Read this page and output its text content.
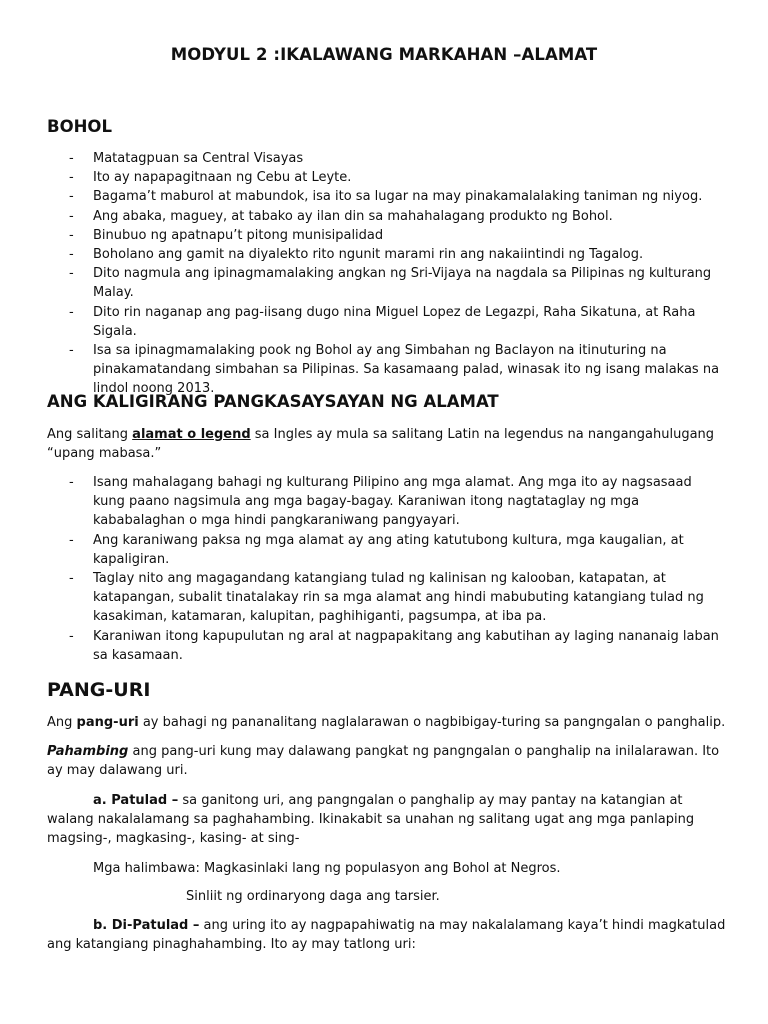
MODYUL 2 :IKALAWANG MARKAHAN –ALAMAT
BOHOL
- Matatagpuan sa Central Visayas
- Ito ay napapagitnaan ng Cebu at Leyte.
- Bagama’t maburol at mabundok, isa ito sa lugar na may pinakamalalaking taniman ng niyog.
- Ang abaka, maguey, at tabako ay ilan din sa mahahalagang produkto ng Bohol.
- Binubuo ng apatnapu’t pitong munisipalidad
- Boholano ang gamit na diyalekto rito ngunit marami rin ang nakaiintindi ng Tagalog.
- Dito nagmula ang ipinagmamalaking angkan ng Sri-Vijaya na nagdala sa Pilipinas ng kulturang Malay.
- Dito rin naganap ang pag-iisang dugo nina Miguel Lopez de Legazpi, Raha Sikatuna, at Raha Sigala.
- Isa sa ipinagmamalaking pook ng Bohol ay ang Simbahan ng Baclayon na itinuturing na pinakamatandang simbahan sa Pilipinas. Sa kasamaang palad, winasak ito ng isang malakas na lindol noong 2013.
ANG KALIGIRANG PANGKASAYSAYAN NG ALAMAT

Ang salitang alamat o legend sa Ingles ay mula sa salitang Latin na legendus na nangangahulugang “upang mabasa.”

- Isang mahalagang bahagi ng kulturang Pilipino ang mga alamat. Ang mga ito ay nagsasaad kung paano nagsimula ang mga bagay-bagay. Karaniwan itong nagtataglay ng mga kababalaghan o mga hindi pangkaraniwang pangyayari.
- Ang karaniwang paksa ng mga alamat ay ang ating katutubong kultura, mga kaugalian, at kapaligiran.
- Taglay nito ang magagandang katangiang tulad ng kalinisan ng kalooban, katapatan, at katapangan, subalit tinatalakay rin sa mga alamat ang hindi mabubuting katangiang tulad ng kasakiman, katamaran, kalupitan, paghihiganti, pagsumpa, at iba pa.
- Karaniwan itong kapupulutan ng aral at nagpapakitang ang kabutihan ay laging nananaig laban sa kasamaan.
PANG-URI

Ang pang-uri ay bahagi ng pananalitang naglalarawan o nagbibigay-turing sa pangngalan o panghalip.

Pahambing ang pang-uri kung may dalawang pangkat ng pangngalan o panghalip na inilalarawan. Ito ay may dalawang uri.

a. Patulad – sa ganitong uri, ang pangngalan o panghalip ay may pantay na katangian at walang nakalalamang sa paghahambing. Ikinakabit sa unahan ng salitang ugat ang mga panlaping magsing-, magkasing-, kasing- at sing-

Mga halimbawa: Magkasinlaki lang ng populasyon ang Bohol at Negros.

Sinliit ng ordinaryong daga ang tarsier.

b. Di-Patulad – ang uring ito ay nagpapahiwatig na may nakalalamang kaya’t hindi magkatulad ang katangiang pinaghahambing. Ito ay may tatlong uri:
